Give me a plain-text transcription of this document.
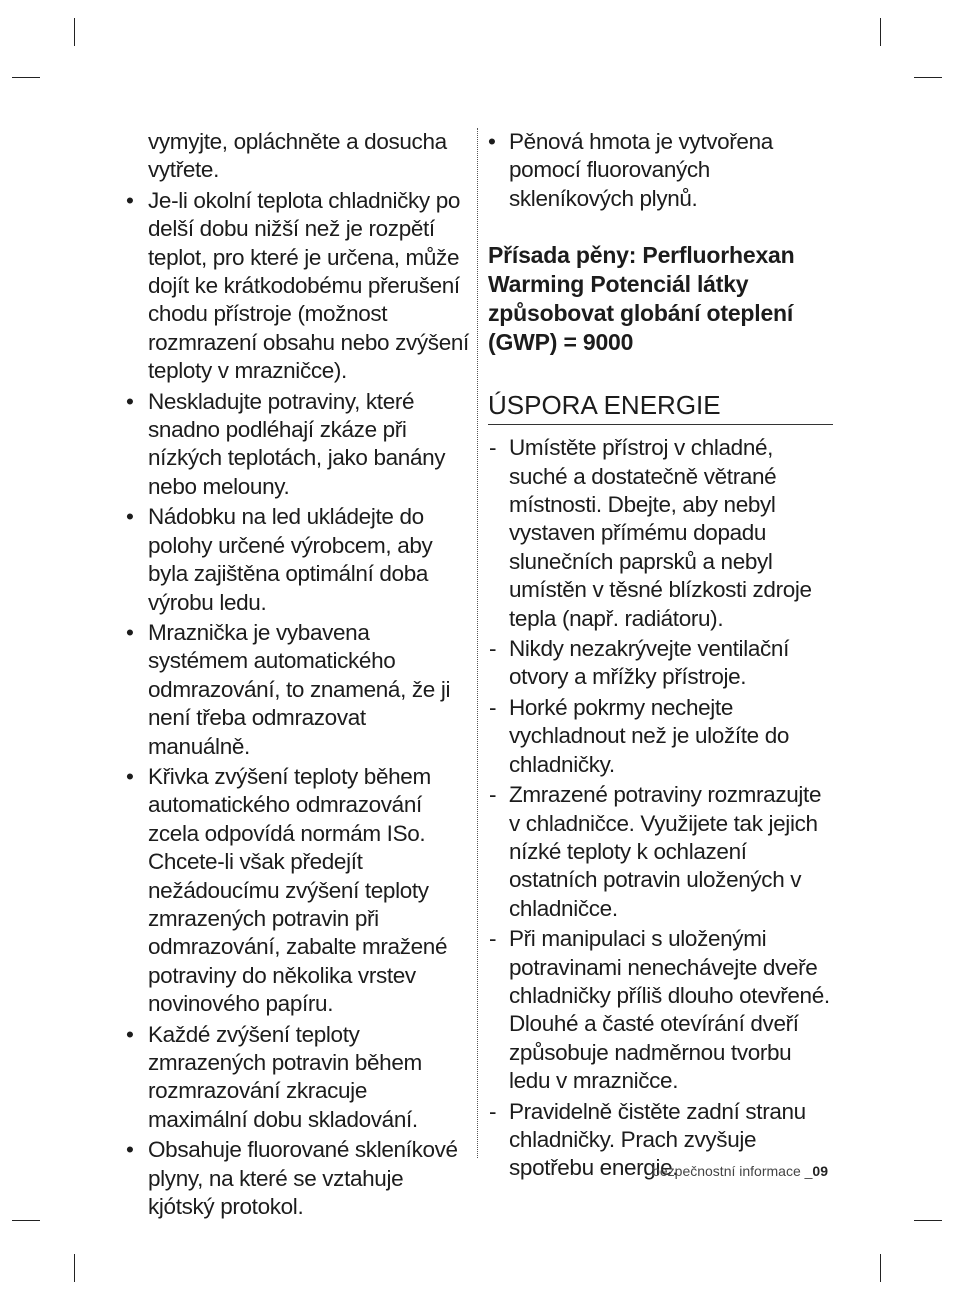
vymyjte, opláchněte a dosucha vytřete.
• Je-li okolní teplota chladničky po delší dobu nižší než je rozpětí teplot, pro které je určena, může dojít ke krátkodobému přerušení chodu přístroje (možnost rozmrazení obsahu nebo zvýšení teploty v mrazničce).
• Neskladujte potraviny, které snadno podléhají zkáze při nízkých teplotách, jako banány nebo melouny.
• Nádobku na led ukládejte do polohy určené výrobcem, aby byla zajištěna optimální doba výrobu ledu.
• Mraznička je vybavena systémem automatického odmrazování, to znamená, že ji není třeba odmrazovat manuálně.
• Křivka zvýšení teploty během automatického odmrazování zcela odpovídá normám ISo. Chcete-li však předejít nežádoucímu zvýšení teploty zmrazených potravin při odmrazování, zabalte mražené potraviny do několika vrstev novinového papíru.
• Každé zvýšení teploty zmrazených potravin během rozmrazování zkracuje maximální dobu skladování.
• Obsahuje fluorované skleníkové plyny, na které se vztahuje kjótský protokol.
• Pěnová hmota je vytvořena pomocí fluorovaných skleníkových plynů.
Přísada pěny: Perfluorhexan Warming Potenciál látky způsobovat globání oteplení (GWP) = 9000
ÚSPORA ENERGIE
- Umístěte přístroj v chladné, suché a dostatečně větrané místnosti. Dbejte, aby nebyl vystaven přímému dopadu slunečních paprsků a nebyl umístěn v těsné blízkosti zdroje tepla (např. radiátoru).
- Nikdy nezakrývejte ventilační otvory a mřížky přístroje.
- Horké pokrmy nechejte vychladnout než je uložíte do chladničky.
- Zmrazené potraviny rozmrazujte v chladničce. Využijete tak jejich nízké teploty k ochlazení ostatních potravin uložených v chladničce.
- Při manipulaci s uloženými potravinami nenechávejte dveře chladničky příliš dlouho otevřené. Dlouhé a časté otevírání dveří způsobuje nadměrnou tvorbu ledu v mrazničce.
- Pravidelně čistěte zadní stranu chladničky. Prach zvyšuje spotřebu energie.
bezpečnostní informace _09
